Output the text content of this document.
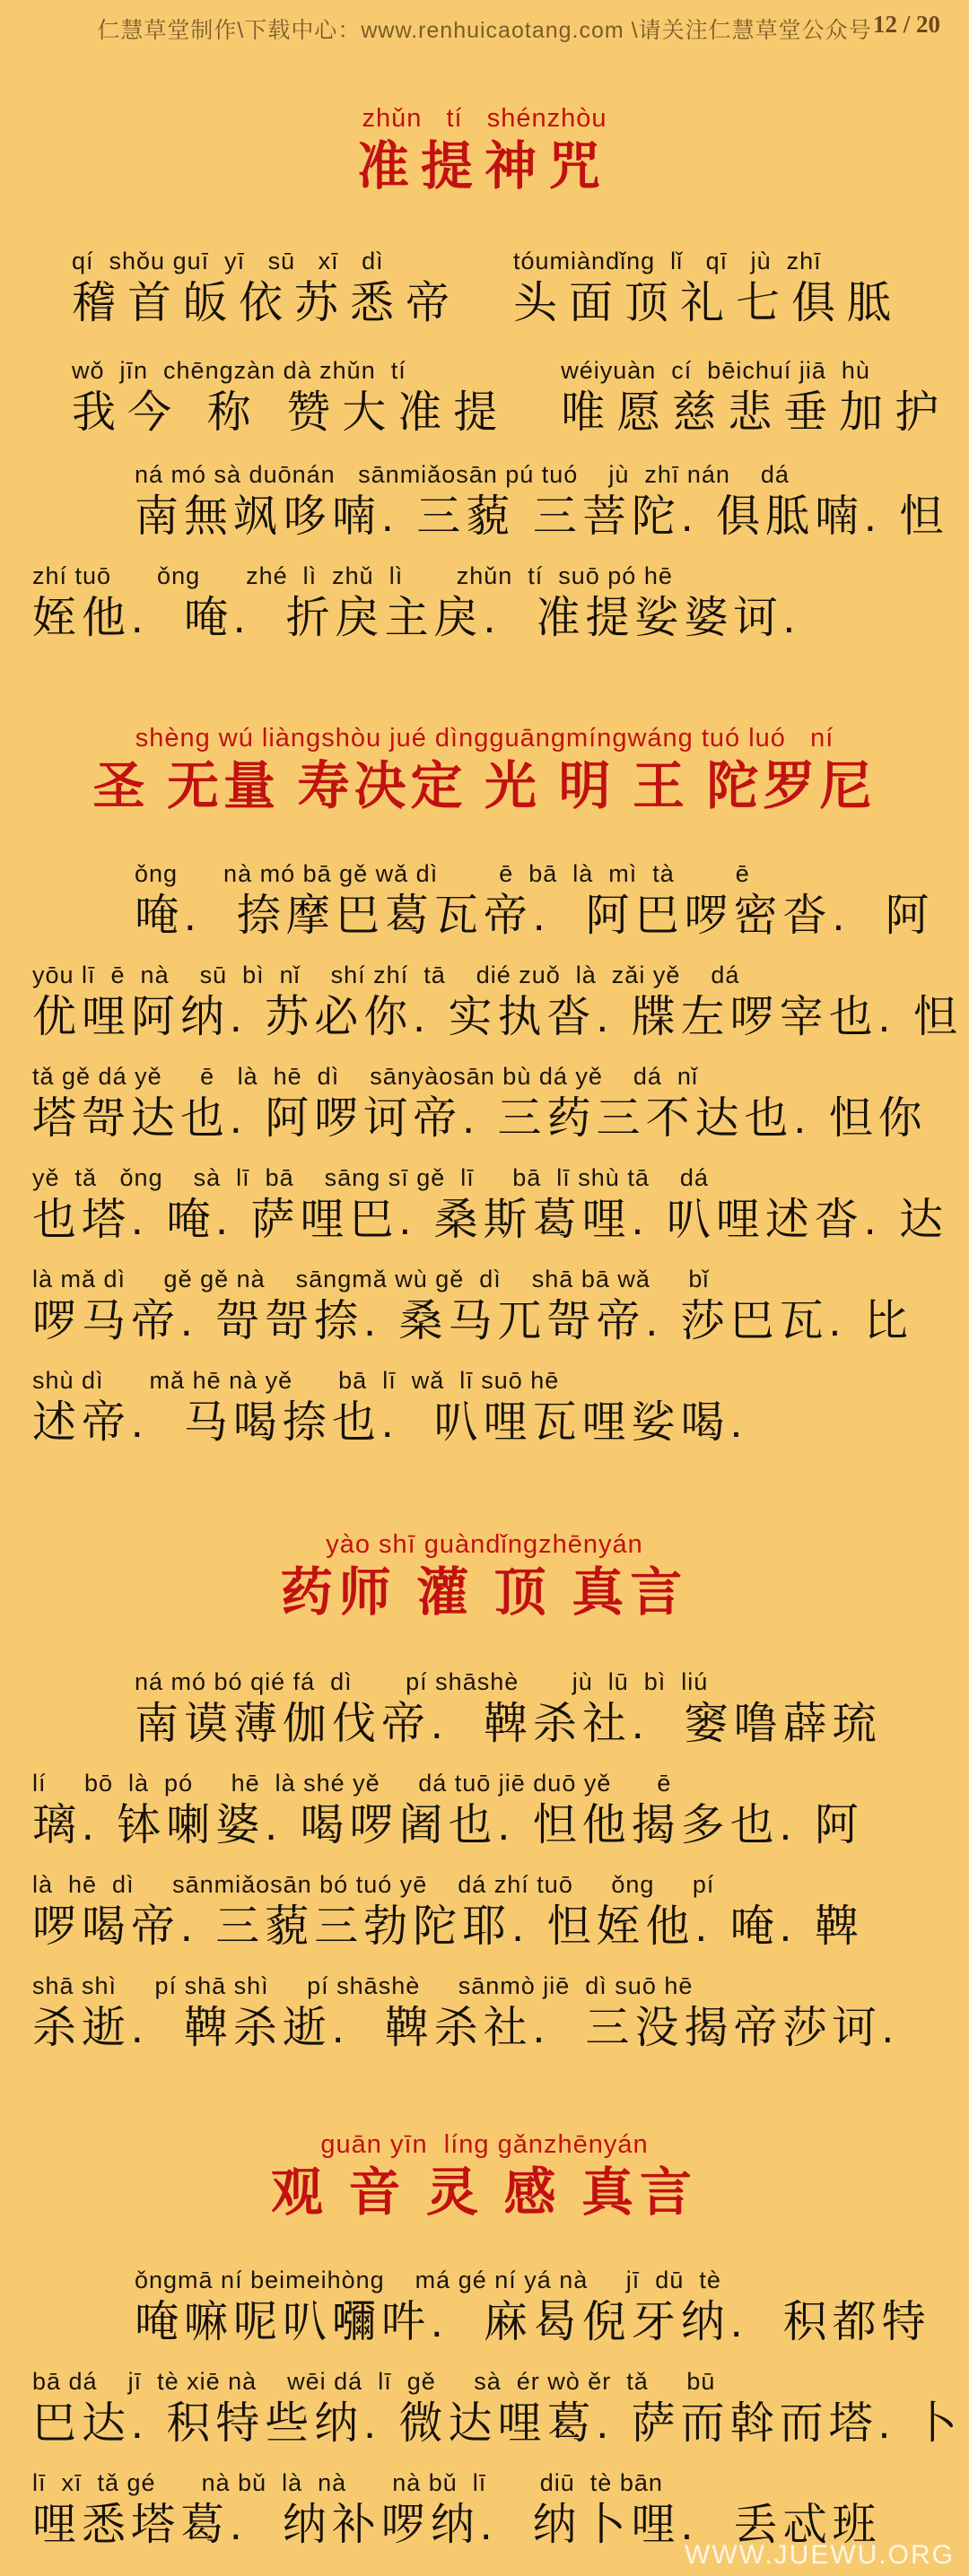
仁慧草堂制作\下载中心：www.renhuicaotang.com \请关注仁慧草堂公众号 12 / 20
zhǔn   tí   shénzhòu
准提神咒
qí  shǒu guī  yī   sū   xī   dì
稽首皈依苏悉帝
tóumiàndǐng  lǐ   qī   jù  zhī
头面顶礼七俱胝
wǒ  jīn  chēngzàn dà zhǔn  tí
我今 称 赞大准提
wéiyuàn  cí  bēichuí jiā  hù
唯愿慈悲垂加护
ná mó sà duōnán   sānmiǎosān pú tuó    jù  zhī nán    dá
南無飒哆喃. 三藐 三菩陀. 俱胝喃. 怛
zhí tuō      ǒng      zhé  lì  zhǔ  lì       zhǔn  tí  suō pó hē
姪他.  唵.  折戾主戾.  准提娑婆诃.
shèng wú liàngshòu jué dìngguāngmíngwáng tuó luó   ní
圣 无量 寿决定 光 明 王 陀罗尼
ǒng      nà mó bā gě wǎ dì        ē  bā  là  mì  tà        ē
唵.  捺摩巴葛瓦帝.  阿巴啰密沓.  阿
yōu lī  ē  nà    sū  bì  nǐ    shí zhí  tā    dié zuǒ  là  zǎi yě    dá
优哩阿纳. 苏必你. 实执沓. 牒左啰宰也. 怛
tǎ gě dá yě     ē   là  hē  dì    sānyàosān bù dá yě    dá  nǐ
塔哿达也. 阿啰诃帝. 三药三不达也. 怛你
yě  tǎ   ǒng    sà  lī  bā    sāng sī gě  lī     bā  lī shù tā    dá
也塔. 唵. 萨哩巴. 桑斯葛哩. 叭哩述沓. 达
là mǎ dì     gě gě nà    sāngmǎ wù gě  dì    shā bā wǎ     bǐ
啰马帝. 哿哿捺. 桑马兀哿帝. 莎巴瓦. 比
shù dì      mǎ hē nà yě      bā  lī  wǎ  lī suō hē
述帝.  马喝捺也.  叭哩瓦哩娑喝.
yào shī guàndǐngzhēnyán
药师 灌 顶 真言
ná mó bó qié fá  dì       pí shāshè       jù  lū  bì  liú
南谟薄伽伐帝.  鞞杀社.  窭噜薜琉
lí     bō  là  pó     hē  là shé yě     dá tuō jiē duō yě      ē
璃. 钵喇婆. 喝啰阇也. 怛他揭多也. 阿
là  hē  dì     sānmiǎosān bó tuó yē    dá zhí tuō     ǒng     pí
啰喝帝. 三藐三勃陀耶. 怛姪他. 唵. 鞞
shā shì     pí shā shì     pí shāshè     sānmò jiē  dì suō hē
杀逝.  鞞杀逝.  鞞杀社.  三没揭帝莎诃.
guān yīn  líng gǎnzhēnyán
观 音 灵 感 真言
ǒngmā ní beimeihòng    má gé ní yá nà     jī  dū  tè
唵嘛呢叭𡄣吽.  麻曷倪牙纳.  积都特
bā dá    jī  tè xiē nà    wēi dá  lī  gě     sà  ér wò ěr  tǎ     bū
巴达. 积特些纳. 微达哩葛. 萨而斡而塔. 卜
lī  xī  tǎ gé      nà bǔ  là  nà      nà bǔ  lī       diū  tè bān
哩悉塔葛.  纳补啰纳.  纳卜哩.  丢忒班
WWW.JUEWU.ORG
